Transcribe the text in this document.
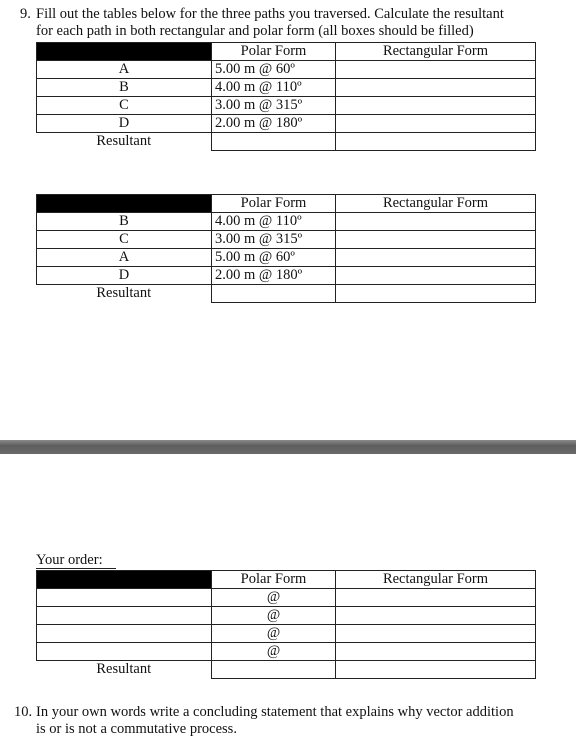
9. Fill out the tables below for the three paths you traversed. Calculate the resultant
for each path in both rectangular and polar form (all boxes should be filled)
	Polar Form	Rectangular Form
A	5.00 m @ 60º	
B	4.00 m @ 110º	
C	3.00 m @ 315º	
D	2.00 m @ 180º	
Resultant		
	Polar Form	Rectangular Form
B	4.00 m @ 110º	
C	3.00 m @ 315º	
A	5.00 m @ 60º	
D	2.00 m @ 180º	
Resultant		
Your order:
	Polar Form	Rectangular Form
	@	
	@	
	@	
	@	
Resultant		
10. In your own words write a concluding statement that explains why vector addition
is or is not a commutative process.
